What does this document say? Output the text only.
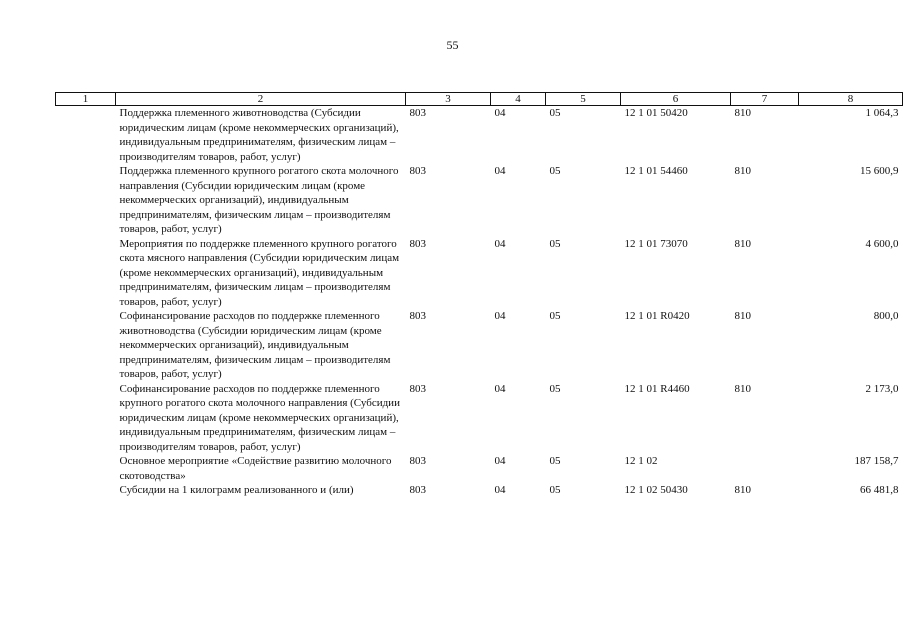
55
1	2	3	4	5	6	7	8
	Поддержка племенного животноводства (Субсидии юридическим лицам (кроме некоммерческих организаций), индивидуальным предпринимателям, физическим лицам – производителям товаров, работ, услуг)	803	04	05	12 1 01 50420	810	1 064,3
	Поддержка племенного крупного рогатого скота молочного направления (Субсидии юридическим лицам (кроме некоммерческих организаций), индивидуальным предпринимателям, физическим лицам – производителям товаров, работ, услуг)	803	04	05	12 1 01 54460	810	15 600,9
	Мероприятия по поддержке племенного крупного рогатого скота мясного направления (Субсидии юридическим лицам (кроме некоммерческих организаций), индивидуальным предпринимателям, физическим лицам – производителям товаров, работ, услуг)	803	04	05	12 1 01 73070	810	4 600,0
	Софинансирование расходов по поддержке племенного животноводства (Субсидии юридическим лицам (кроме некоммерческих организаций), индивидуальным предпринимателям, физическим лицам – производителям товаров, работ, услуг)	803	04	05	12 1 01 R0420	810	800,0
	Софинансирование расходов по поддержке племенного крупного рогатого скота молочного направления (Субсидии юридическим лицам (кроме некоммерческих организаций), индивидуальным предпринимателям, физическим лицам – производителям товаров, работ, услуг)	803	04	05	12 1 01 R4460	810	2 173,0
	Основное мероприятие «Содействие развитию молочного скотоводства»	803	04	05	12 1 02		187 158,7
	Субсидии на 1 килограмм реализованного и (или)	803	04	05	12 1 02 50430	810	66 481,8
